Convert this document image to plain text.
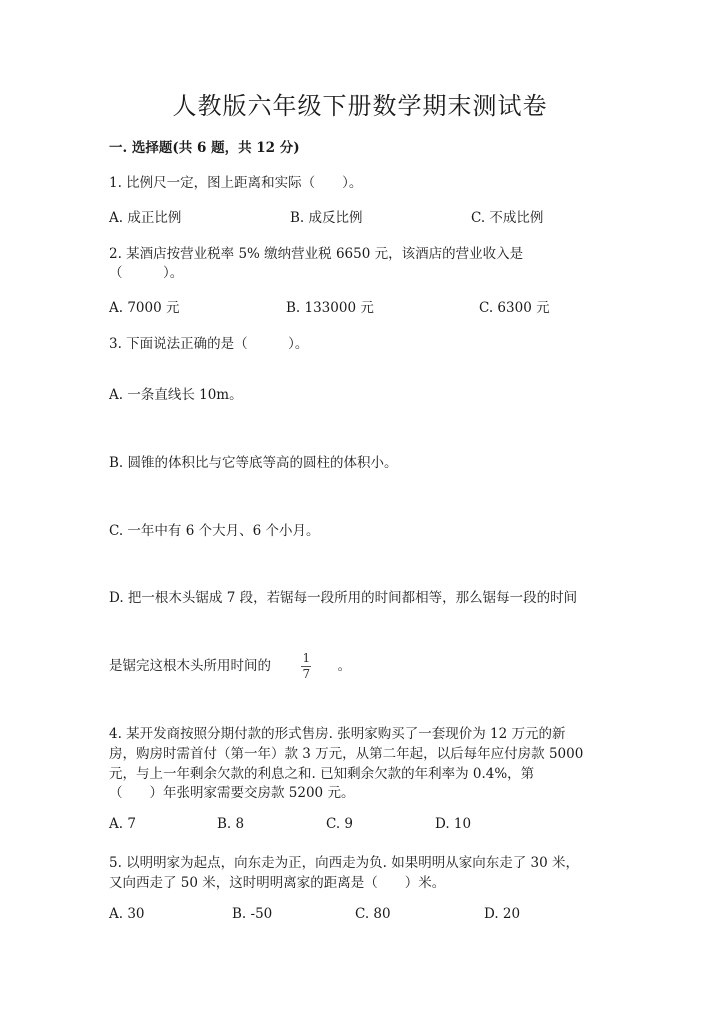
人教版六年级下册数学期末测试卷
一. 选择题(共 6 题，共 12 分)
1. 比例尺一定，图上距离和实际（　　）。
A. 成正比例	B. 成反比例	C. 不成比例
2. 某酒店按营业税率 5% 缴纳营业税 6650 元，该酒店的营业收入是
（　　　）。
A. 7000 元	B. 133000 元	C. 6300 元
3. 下面说法正确的是（　　　）。
A. 一条直线长 10m。
B. 圆锥的体积比与它等底等高的圆柱的体积小。
C. 一年中有 6 个大月、6 个小月。
D. 把一根木头锯成 7 段，若锯每一段所用的时间都相等，那么锯每一段的时间
是锯完这根木头所用时间的	$\frac{1}{7}$ 。
4. 某开发商按照分期付款的形式售房. 张明家购买了一套现价为 12 万元的新
房，购房时需首付（第一年）款 3 万元，从第二年起，以后每年应付房款 5000
元，与上一年剩余欠款的利息之和. 已知剩余欠款的年利率为 0.4%，第
（　　）年张明家需要交房款 5200 元。
A. 7	B. 8	C. 9	D. 10
5. 以明明家为起点，向东走为正，向西走为负. 如果明明从家向东走了 30 米，
又向西走了 50 米，这时明明离家的距离是（　　）米。
A. 30	B. -50	C. 80	D. 20
